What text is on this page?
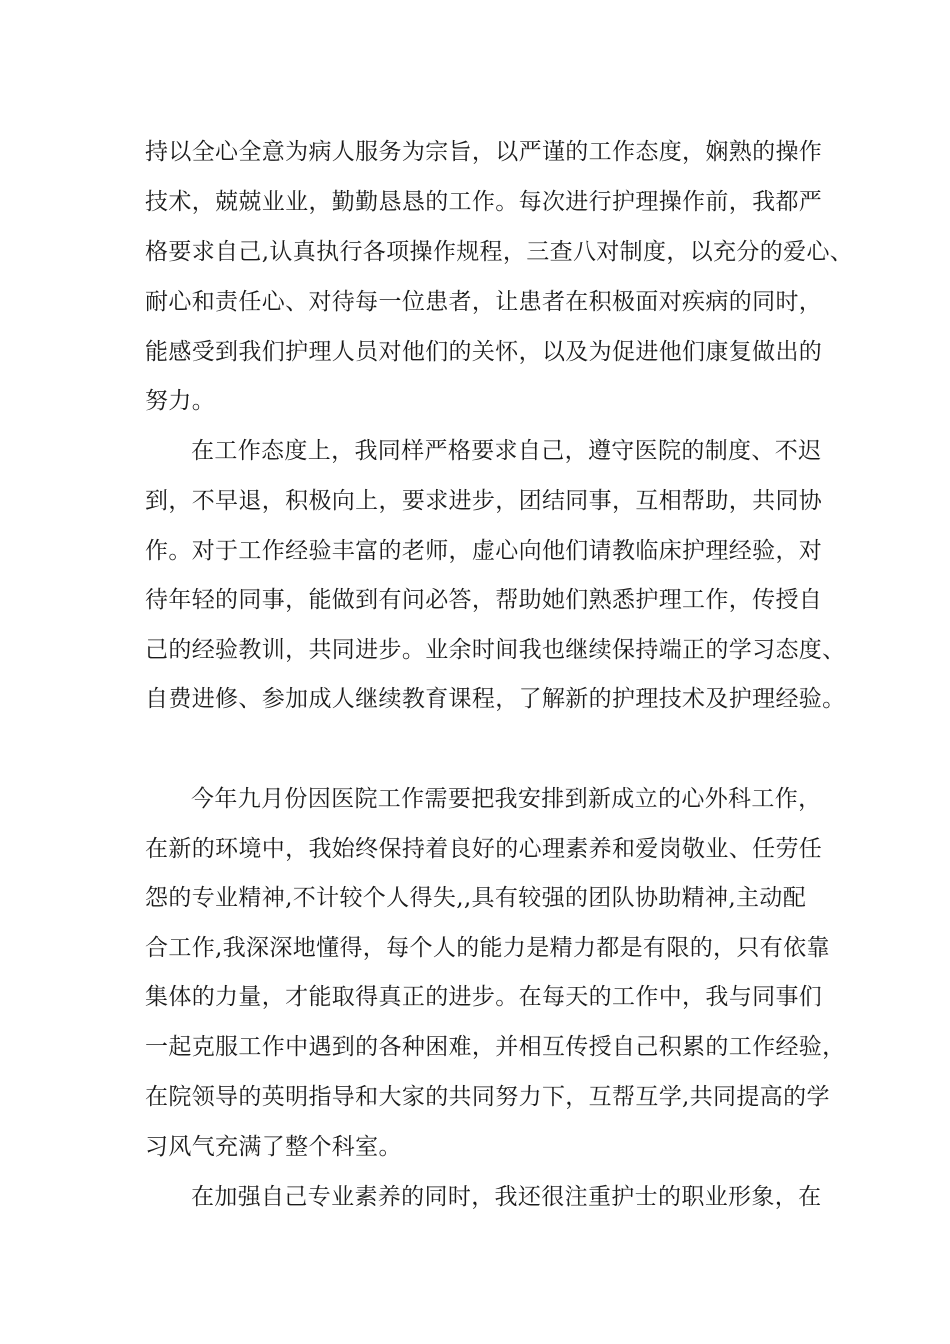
持以全心全意为病人服务为宗旨，以严谨的工作态度，娴熟的操作

技术，兢兢业业，勤勤恳恳的工作。每次进行护理操作前，我都严

格要求自己,认真执行各项操作规程，三查八对制度，以充分的爱心、

耐心和责任心、对待每一位患者，让患者在积极面对疾病的同时，

能感受到我们护理人员对他们的关怀，以及为促进他们康复做出的

努力。

在工作态度上，我同样严格要求自己，遵守医院的制度、不迟

到，不早退，积极向上，要求进步，团结同事，互相帮助，共同协

作。对于工作经验丰富的老师，虚心向他们请教临床护理经验，对

待年轻的同事，能做到有问必答，帮助她们熟悉护理工作，传授自

己的经验教训，共同进步。业余时间我也继续保持端正的学习态度、

自费进修、参加成人继续教育课程，了解新的护理技术及护理经验。

今年九月份因医院工作需要把我安排到新成立的心外科工作，

在新的环境中，我始终保持着良好的心理素养和爱岗敬业、任劳任

怨的专业精神,不计较个人得失,,具有较强的团队协助精神,主动配

合工作,我深深地懂得，每个人的能力是精力都是有限的，只有依靠

集体的力量，才能取得真正的进步。在每天的工作中，我与同事们

一起克服工作中遇到的各种困难，并相互传授自己积累的工作经验，

在院领导的英明指导和大家的共同努力下，互帮互学,共同提高的学

习风气充满了整个科室。

在加强自己专业素养的同时，我还很注重护士的职业形象，在
